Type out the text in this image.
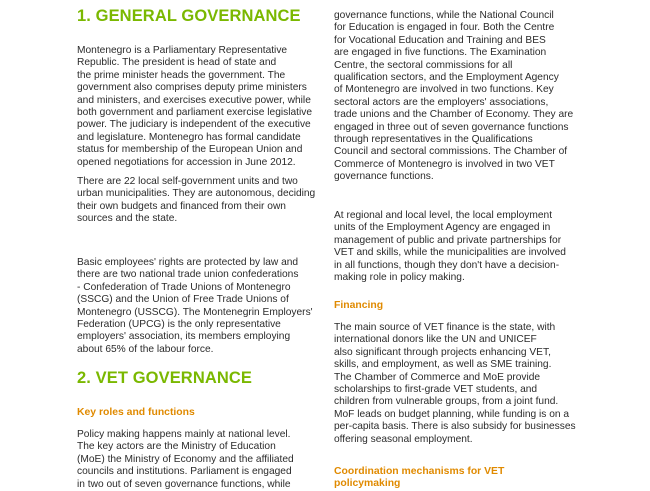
1. GENERAL GOVERNANCE

Montenegro is a Parliamentary Representative
Republic. The president is head of state and
the prime minister heads the government. The
government also comprises deputy prime ministers
and ministers, and exercises executive power, while
both government and parliament exercise legislative
power. The judiciary is independent of the executive
and legislature. Montenegro has formal candidate
status for membership of the European Union and
opened negotiations for accession in June 2012.

There are 22 local self-government units and two
urban municipalities. They are autonomous, deciding
their own budgets and financed from their own
sources and the state.

Basic employees' rights are protected by law and
there are two national trade union confederations
- Confederation of Trade Unions of Montenegro
(SSCG) and the Union of Free Trade Unions of
Montenegro (USSCG). The Montenegrin Employers'
Federation (UPCG) is the only representative
employers' association, its members employing
about 65% of the labour force.

2. VET GOVERNANCE
Key roles and functions

Policy making happens mainly at national level.
The key actors are the Ministry of Education
(MoE) the Ministry of Economy and the affiliated
councils and institutions. Parliament is engaged
in two out of seven governance functions, while

governance functions, while the National Council
for Education is engaged in four. Both the Centre
for Vocational Education and Training and BES
are engaged in five functions. The Examination
Centre, the sectoral commissions for all
qualification sectors, and the Employment Agency
of Montenegro are involved in two functions. Key
sectoral actors are the employers' associations,
trade unions and the Chamber of Economy. They are
engaged in three out of seven governance functions
through representatives in the Qualifications
Council and sectoral commissions. The Chamber of
Commerce of Montenegro is involved in two VET
governance functions.

At regional and local level, the local employment
units of the Employment Agency are engaged in
management of public and private partnerships for
VET and skills, while the municipalities are involved
in all functions, though they don't have a decision-
making role in policy making.

Financing

The main source of VET finance is the state, with
international donors like the UN and UNICEF
also significant through projects enhancing VET,
skills, and employment, as well as SME training.
The Chamber of Commerce and MoE provide
scholarships to first-grade VET students, and
children from vulnerable groups, from a joint fund.
MoF leads on budget planning, while funding is on a
per-capita basis. There is also subsidy for businesses
offering seasonal employment.

Coordination mechanisms for VET
policymaking
